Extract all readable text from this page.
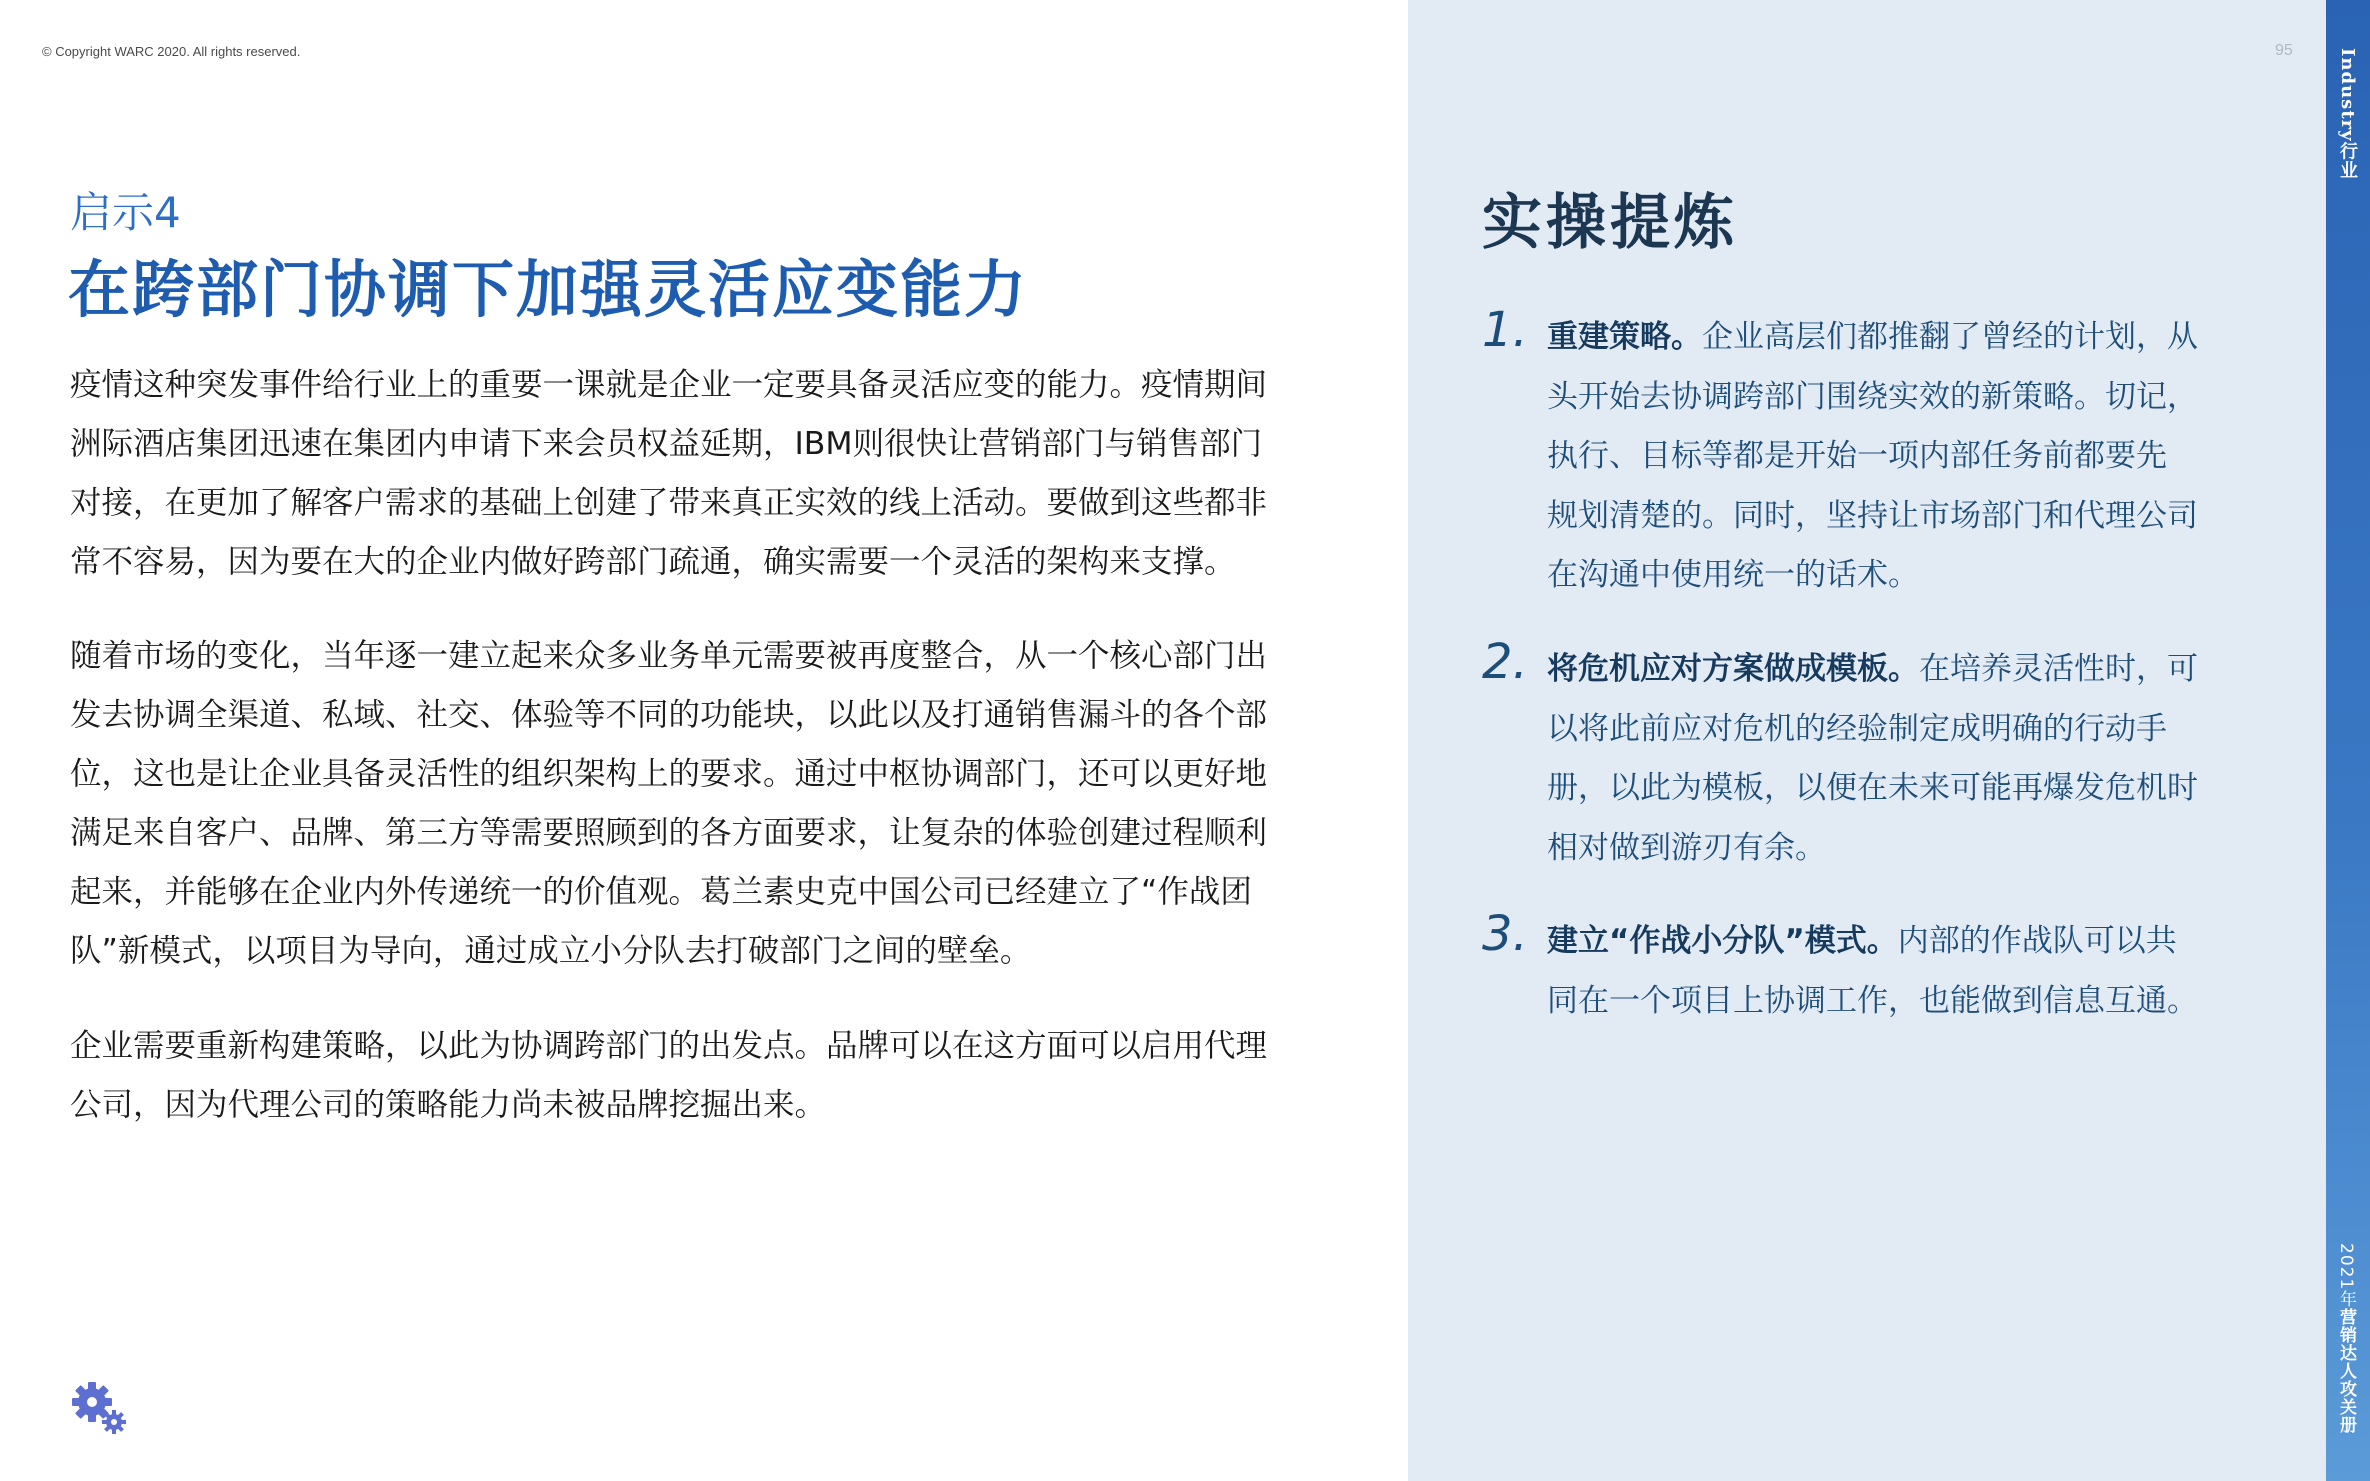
© Copyright WARC 2020. All rights reserved.
启示4
在跨部门协调下加强灵活应变能力
疫情这种突发事件给行业上的重要一课就是企业一定要具备灵活应变的能力。疫情期间
洲际酒店集团迅速在集团内申请下来会员权益延期，IBM则很快让营销部门与销售部门
对接，在更加了解客户需求的基础上创建了带来真正实效的线上活动。要做到这些都非
常不容易，因为要在大的企业内做好跨部门疏通，确实需要一个灵活的架构来支撑。
随着市场的变化，当年逐一建立起来众多业务单元需要被再度整合，从一个核心部门出
发去协调全渠道、私域、社交、体验等不同的功能块，以此以及打通销售漏斗的各个部
位，这也是让企业具备灵活性的组织架构上的要求。通过中枢协调部门，还可以更好地
满足来自客户、品牌、第三方等需要照顾到的各方面要求，让复杂的体验创建过程顺利
起来，并能够在企业内外传递统一的价值观。葛兰素史克中国公司已经建立了“作战团
队”新模式，以项目为导向，通过成立小分队去打破部门之间的壁垒。
企业需要重新构建策略，以此为协调跨部门的出发点。品牌可以在这方面可以启用代理
公司，因为代理公司的策略能力尚未被品牌挖掘出来。
95
实操提炼
1. 重建策略。企业高层们都推翻了曾经的计划，从
头开始去协调跨部门围绕实效的新策略。切记，
执行、目标等都是开始一项内部任务前都要先
规划清楚的。同时，坚持让市场部门和代理公司
在沟通中使用统一的话术。
2. 将危机应对方案做成模板。在培养灵活性时，可
以将此前应对危机的经验制定成明确的行动手
册，以此为模板，以便在未来可能再爆发危机时
相对做到游刃有余。
3. 建立“作战小分队”模式。内部的作战队可以共
同在一个项目上协调工作，也能做到信息互通。
Industry行业
2021年营销达人攻关册
